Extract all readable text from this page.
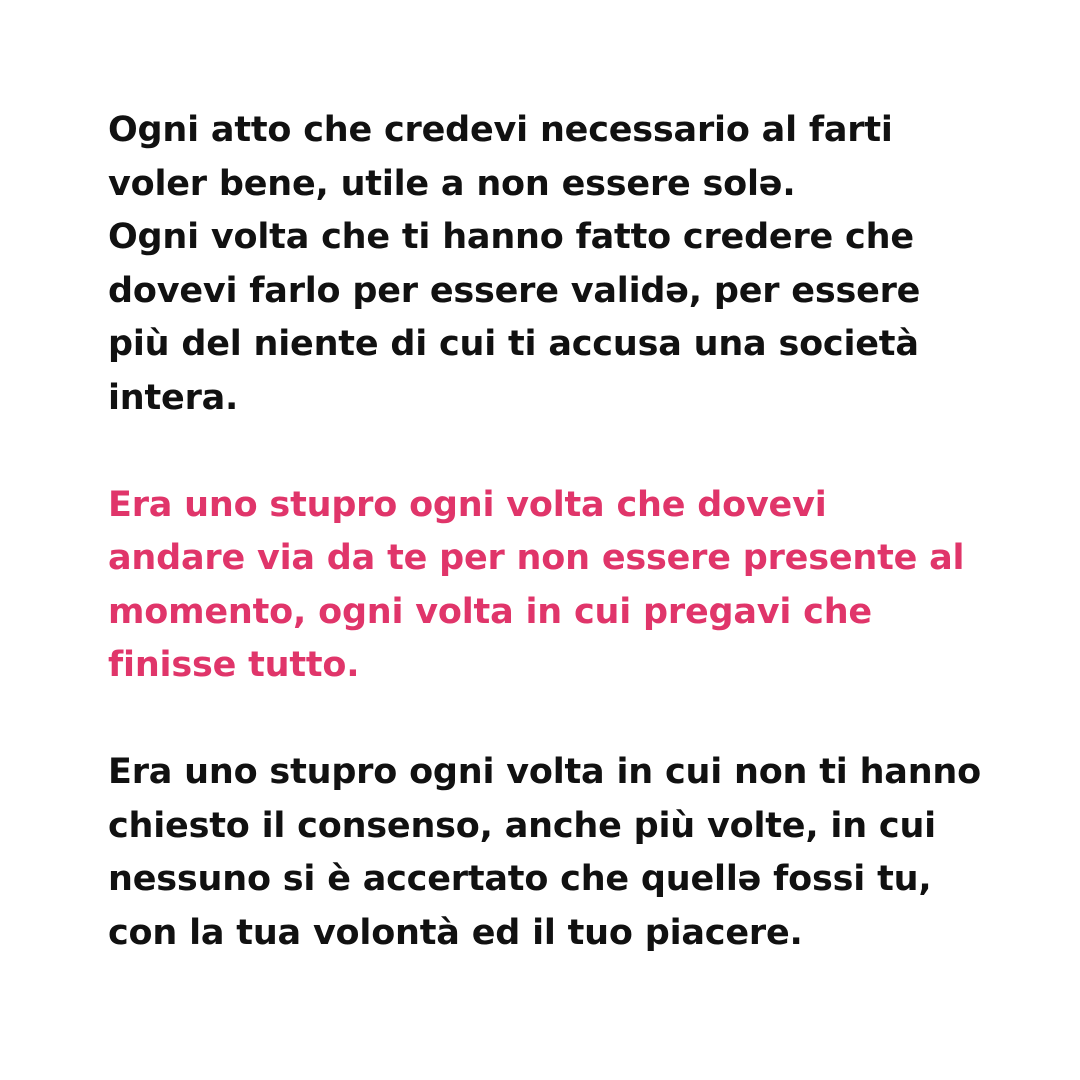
Ogni atto che credevi necessario al farti
voler bene, utile a non essere solə.
Ogni volta che ti hanno fatto credere che
dovevi farlo per essere validə, per essere
più del niente di cui ti accusa una società
intera.

Era uno stupro ogni volta che dovevi
andare via da te per non essere presente al
momento, ogni volta in cui pregavi che
finisse tutto.

Era uno stupro ogni volta in cui non ti hanno
chiesto il consenso, anche più volte, in cui
nessuno si è accertato che quellə fossi tu,
con la tua volontà ed il tuo piacere.
